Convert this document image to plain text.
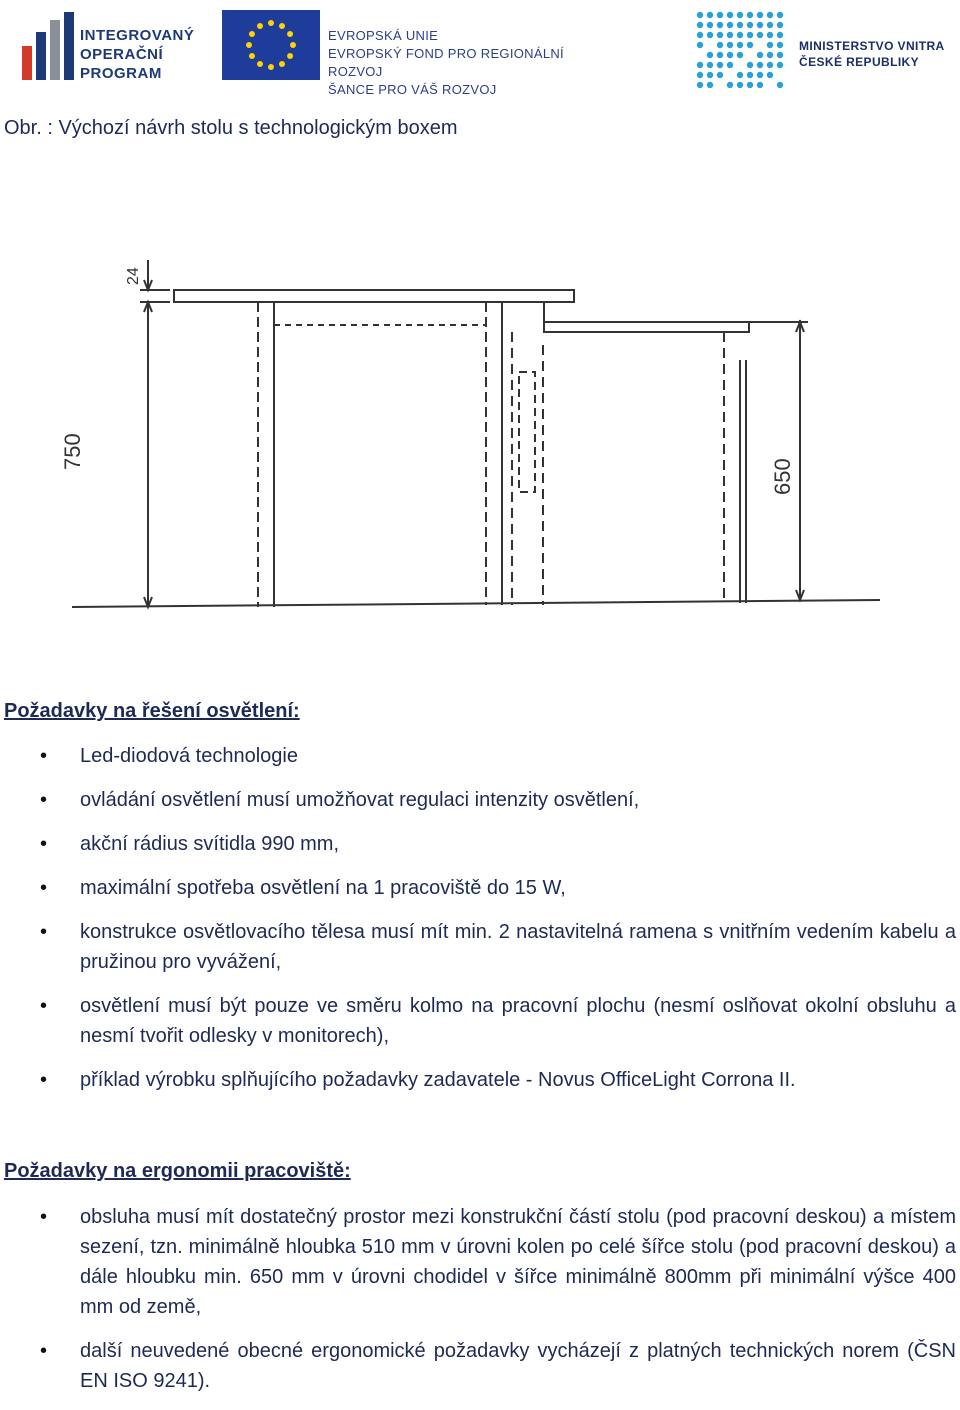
INTEGROVANÝ
OPERAČNÍ
PROGRAM
EVROPSKÁ UNIE
EVROPSKÝ FOND PRO REGIONÁLNÍ ROZVOJ
ŠANCE PRO VÁŠ ROZVOJ
MINISTERSTVO VNITRA
ČESKÉ REPUBLIKY
Obr. : Výchozí návrh stolu s technologickým boxem
24
750
650
Požadavky na řešení osvětlení:
• Led-diodová technologie
• ovládání osvětlení musí umožňovat regulaci intenzity osvětlení,
• akční rádius svítidla 990 mm,
• maximální spotřeba osvětlení na 1 pracoviště do 15 W,
• konstrukce osvětlovacího tělesa musí mít min. 2 nastavitelná ramena s vnitřním vedením kabelu a pružinou pro vyvážení,
• osvětlení musí být pouze ve směru kolmo na pracovní plochu (nesmí oslňovat okolní obsluhu a nesmí tvořit odlesky v monitorech),
• příklad výrobku splňujícího požadavky zadavatele - Novus OfficeLight Corrona II.
Požadavky na ergonomii pracoviště:
• obsluha musí mít dostatečný prostor mezi konstrukční částí stolu (pod pracovní deskou) a místem sezení, tzn. minimálně hloubka 510 mm v úrovni kolen po celé šířce stolu (pod pracovní deskou) a dále hloubku min. 650 mm v úrovni chodidel v šířce minimálně 800mm při minimální výšce 400 mm od země,
• další neuvedené obecné ergonomické požadavky vycházejí z platných technických norem (ČSN EN ISO 9241).
